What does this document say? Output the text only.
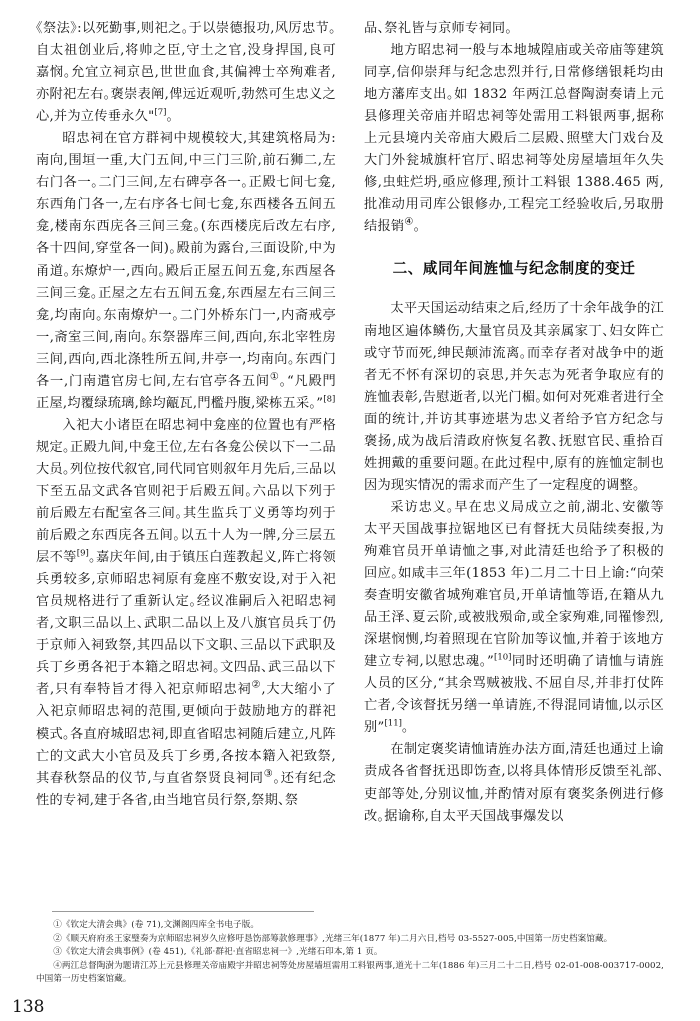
《祭法》:以死勤事,则祀之。于以崇德报功,风厉忠节。自太祖创业后,将帅之臣,守土之官,没身捍国,良可嘉悯。允宜立祠京邑,世世血食,其偏裨士卒殉难者,亦附祀左右。褒崇表阐,俾远近观听,勃然可生忠义之心,并为立传垂永久"[7]。

昭忠祠在官方群祠中规模较大,其建筑格局为:南向,围垣一重,大门五间,中三门三阶,前石狮二,左右门各一。二门三间,左右碑亭各一。正殿七间七龛,东西角门各一,左右序各七间七龛,东西楼各五间五龛,楼南东西庑各三间三龛。(东西楼庑后改左右序,各十四间,穿堂各一间)。殿前为露台,三面设阶,中为甬道。东燎炉一,西向。殿后正屋五间五龛,东西屋各三间三龛。正屋之左右五间五龛,东西屋左右三间三龛,均南向。东南燎炉一。二门外桥东门一,内斋戒亭一,斋室三间,南向。东祭器库三间,西向,东北宰牲房三间,西向,西北涤牲所五间,井亭一,均南向。东西门各一,门南遣官房七间,左右官亭各五间①。“凡殿門正屋,均覆绿琉璃,餘均甋瓦,門檻丹腹,梁栋五采。”[8]

入祀大小诸臣在昭忠祠中龛座的位置也有严格规定。正殿九间,中龛王位,左右各龛公侯以下一二品大员。列位按代叙官,同代同官则叙年月先后,三品以下至五品文武各官则祀于后殿五间。六品以下列于前后殿左右配室各三间。其生监兵丁义勇等均列于前后殿之东西庑各五间。以五十人为一牌,分三层五层不等[9]。嘉庆年间,由于镇压白莲教起义,阵亡将领兵勇较多,京师昭忠祠原有龛座不敷安设,对于入祀官员规格进行了重新认定。经议准嗣后入祀昭忠祠者,文职三品以上、武职二品以上及八旗官员兵丁仍于京师入祠致祭,其四品以下文职、三品以下武职及兵丁乡勇各祀于本籍之昭忠祠。文四品、武三品以下者,只有奉特旨才得入祀京师昭忠祠②,大大缩小了入祀京师昭忠祠的范围,更倾向于鼓励地方的群祀模式。各直府城昭忠祠,即直省昭忠祠随后建立,凡阵亡的文武大小官员及兵丁乡勇,各按本籍入祀致祭,其春秋祭品的仪节,与直省祭贤良祠同③。还有纪念性的专祠,建于各省,由当地官员行祭,祭期、祭

品、祭礼皆与京师专祠同。

地方昭忠祠一般与本地城隍庙或关帝庙等建筑同享,信仰崇拜与纪念忠烈并行,日常修缮银耗均由地方藩库支出。如 1832 年两江总督陶澍奏请上元县修理关帝庙并昭忠祠等处需用工料银两事,据称上元县境内关帝庙大殿后二层殿、照壁大门戏台及大门外瓮城旗杆官厅、昭忠祠等处房屋墙垣年久失修,虫蛀烂坍,亟应修理,预计工料银 1388.465 两,批准动用司库公银修办,工程完工经验收后,另取册结报销④。

二、咸同年间旌恤与纪念制度的变迁

太平天国运动结束之后,经历了十余年战争的江南地区遍体鳞伤,大量官员及其亲属家丁、妇女阵亡或守节而死,绅民颠沛流离。而幸存者对战争中的逝者无不怀有深切的哀思,并矢志为死者争取应有的旌恤表彰,告慰逝者,以光门楣。如何对死难者进行全面的统计,并访其事迹堪为忠义者给予官方纪念与褒扬,成为战后清政府恢复名教、抚慰官民、重拾百姓拥戴的重要问题。在此过程中,原有的旌恤定制也因为现实情况的需求而产生了一定程度的调整。

采访忠义。早在忠义局成立之前,湖北、安徽等太平天国战事拉锯地区已有督抚大员陆续奏报,为殉难官员开单请恤之事,对此清廷也给予了积极的回应。如咸丰三年(1853 年)二月二十日上谕:“向荣奏查明安徽省城殉难官员,开单请恤等语,在籍从九品王泽、夏云阶,或被戕殒命,或全家殉难,同罹惨烈,深堪悯恻,均着照现在官阶加等议恤,并着于该地方建立专祠,以慰忠魂。”[10]同时还明确了请恤与请旌人员的区分,“其余骂贼被戕、不屈自尽,并非打仗阵亡者,令该督抚另缮一单请旌,不得混同请恤,以示区别”[11]。

在制定褒奖请恤请旌办法方面,清廷也通过上谕责成各省督抚迅即饬查,以将具体情形反馈至礼部、吏部等处,分别议恤,并酌情对原有褒奖条例进行修改。据谕称,自太平天国战事爆发以

①《钦定大清会典》(卷 71),文渊阁四库全书电子版。
②《顺天府府丞王家璧奏为京师昭忠祠岁久应修吁恳饬部筹款修理事》,光绪三年(1877 年)二月六日,档号 03-5527-005,中国第一历史档案馆藏。
③《钦定大清会典事例》(卷 451),《礼部·群祀·直省昭忠祠一》,光绪石印本,第 1 页。
④两江总督陶澍为题请江苏上元县修理关帝庙殿宇并昭忠祠等处房屋墙垣需用工料银两事,道光十二年(1886 年)三月二十二日,档号 02-01-008-003717-0002,中国第一历史档案馆藏。
138
